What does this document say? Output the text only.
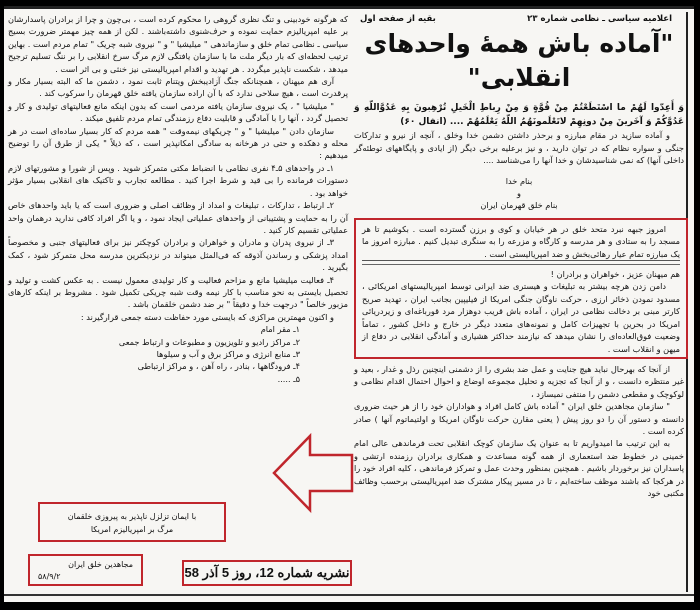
اعلامیه سیاسی ـ نظامی شماره ۲۳
بقیه از صفحه اول
"آماده باش همهٔ واحدهای انقلابی"

وَ أَعِدّوا لَهُمْ ما اسْتَطَعْتُمْ مِنْ قُوَّةٍ وَ مِنْ رِباطِ الْخَیلِ تُرْهِبونَ بِهِ عَدُوَّاللّهِ وَ عَدُوَّكُمْ وَ آخَرینَ مِنْ دونِهِمْ لاتَعْلَمونَهُمُ اللّهُ یَعْلَمُهُمْ .... (انفال ۶۰)

و آماده سازید در مقام مبارزه و برحذر داشتن دشمن خدا وخلق ، آنچه از نیرو و تدارکات جنگی و سواره نظام که در توان دارید ، و نیز برعلیه برخی دیگر (از ایادی و پایگاههای توطئه‌گر داخلی آنها) که نمی شناسیدشان و خدا آنها را می‌شناسد ....

بنام خدا

و

بنام خلق قهرمان ایران

امروز جبهه نبرد متحد خلق در هر خیابان و کوی و برزن گسترده است . بکوشیم تا هر مسجد را به ستادی و هر مدرسه و کارگاه و مزرعه را به سنگری تبدیل کنیم . مبارزه امروز ما یک مبارزه تمام عیار رهائی‌بخش و ضد امپریالیستی است .

هم میهنان عزیز ، خواهران و برادران !

دامن زدن هرچه بیشتر به تبلیغات و هیستری ضد ایرانی توسط امپریالیستهای امریکائی ، مسدود نمودن ذخائر ارزی ، حرکت ناوگان جنگی امریکا از فیلیپین بجانب ایران ، تهدید صریح کارتر مبنی بر دخالت نظامی در ایران ، آماده باش قریب دوهزار مرد قورباغه‌ای و زیردریائی امریکا در بحرین با تجهیزات کامل و نمونه‌های متعدد دیگر در خارج و داخل کشور ، تماماً وضعیت فوق‌العاده‌ای را نشان میدهد که نیازمند حداکثر هشیاری و آمادگی انقلابی در دفاع از میهن و انقلاب است .

از آنجا که بهرحال نباید هیچ جنایت و عمل ضد بشری را از دشمنی اینچنین رذل و غدار ، بعید و غیر منتظره دانست ، و از آنجا که تجزیه و تحلیل مجموعه اوضاع و احوال احتمال اقدام نظامی و لوکوچک و مقطعی دشمن را منتفی نمیسازد ،

" سازمان مجاهدین خلق ایران " آماده باش کامل افراد و هواداران خود را از هر حیث ضروری دانسته و دستور آن را دو روز پیش ( یعنی مقارن حرکت ناوگان امریکا و اولتیماتوم آنها ) صادر کرده است .

به این ترتیب ما امیدواریم تا به عنوان یک سازمان کوچک انقلابی تحت فرماندهی عالی امام خمینی در خطوط ضد استعماری از همه گونه مساعدت و همکاری برادران رزمنده ارتشی و پاسداران نیز برخوردار باشیم . همچنین بمنظور وحدت عمل و تمرکز فرماندهی ، کلیه افراد خود را در هرکجا که باشند موظف ساخته‌ایم ، تا در مسیر پیکار مشترک ضد امپریالیستی برحسب وظائف مکتبی خود

که هرگونه خودبینی و تنگ نظری گروهی را محکوم کرده است ، بی‌چون و چرا از برادران پاسدارشان بر علیه امپریالیزم حمایت نموده و حرف‌شنوی داشته‌باشند . لکن از همه چیز مهمتر ضرورت بسیج سیاسی ـ نظامی تمام خلق و سازماندهی " میلیشیا " و " نیروی شبه چریک " تمام مردم است . بهاین ترتیب لحظه‌ای که بار دیگر ملت ما با سازمان یافتگی لازم مرگ سرخ انقلابی را بر ننگ تسلیم ترجیح میدهد ، شکست ناپذیر میگردد . هر تهدید و اقدام امپریالیستی نیز خنثی و بی اثر است .

آری هم میهنان ، همچنانکه جنگ آزادیبخش ویتنام ثابت نمود ، دشمن ما که البته بسیار مکار و پرقدرت است ، هیچ سلاحی ندارد که با آن اراده سازمان یافته خلق قهرمان را سرکوب کند .

" میلیشیا " ، یک نیروی سازمان یافته مردمی است که بدون اینکه مانع فعالیتهای تولیدی و کار و تحصیل گردد ، آنها را با آمادگی و قابلیت دفاع رزمندگی تمام مردم تلفیق میکند .

سازمان دادن " میلیشیا " و " چریکهای نیمه‌وقت " همه مردم که کار بسیار ساده‌ای است در هر محله و دهکده و حتی در هرخانه به سادگی امکانپذیر است ، که ذیلاً " یکی از طرق آن را توضیح میدهیم :

۱ـ در واحدهای ۵ـ۴ نفری نظامی با انضباط مکتی متمرکز شوید . وپس از شورا و مشورتهای لازم دستورات فرمانده را بی قید و شرط اجرا کنید . مطالعه تجارب و تاکتیک های انقلابی بسیار مؤثر خواهد بود .

۲ـ ارتباط ، تدارکات ، تبلیغات و امداد از وظائف اصلی و ضروری است که یا باید واحدهای خاص آن را به حمایت و پشتیبانی از واحدهای عملیاتی ایجاد نمود ، و یا اگر افراد کافی ندارید درهمان واحد عملیاتی تقسیم کار کنید .

۳ـ از نیروی پدران و مادران و خواهران و برادران کوچکتر نیز برای فعالیتهای جنبی و مخصوصاً امداد پزشکی و رساندن آذوقه که فی‌المثل میتواند در نزدیکترین مدرسه محل متمرکز شود ، کمک بگیرید .

۴ـ فعالیت میلیشیا مانع و مزاحم فعالیت و کار تولیدی معمول نیست . به عکس کشت و تولید و تحصیل بایستی به نحو مناسب با کار نیمه وقت شبه چریکی تکمیل شود . مشروط بر اینکه کارهای مزبور خالصاً " درجهت خدا و دقیقاً " بر ضد دشمن خلقمان باشد .

و اکنون مهمترین مراکزی که بایستی مورد حفاظت دسته جمعی قرارگیرند :

۱ـ مقر امام

۲ـ مراکز رادیو و تلویزیون و مطبوعات و ارتباط جمعی

۳ـ منابع انرژی و مراکز برق و آب و سیلوها

۴ـ فرودگاهها ، بنادر ، راه آهن ، و مراکز ارتباطی

۵ـ .....

با ایمان تزلزل ناپذیر به پیروزی خلقمان
مرگ بر امپریالیزم امریکا
مجاهدین خلق ایران
۵۸/۹/۲	نشریه شماره 12، روز 5 آذر 58
